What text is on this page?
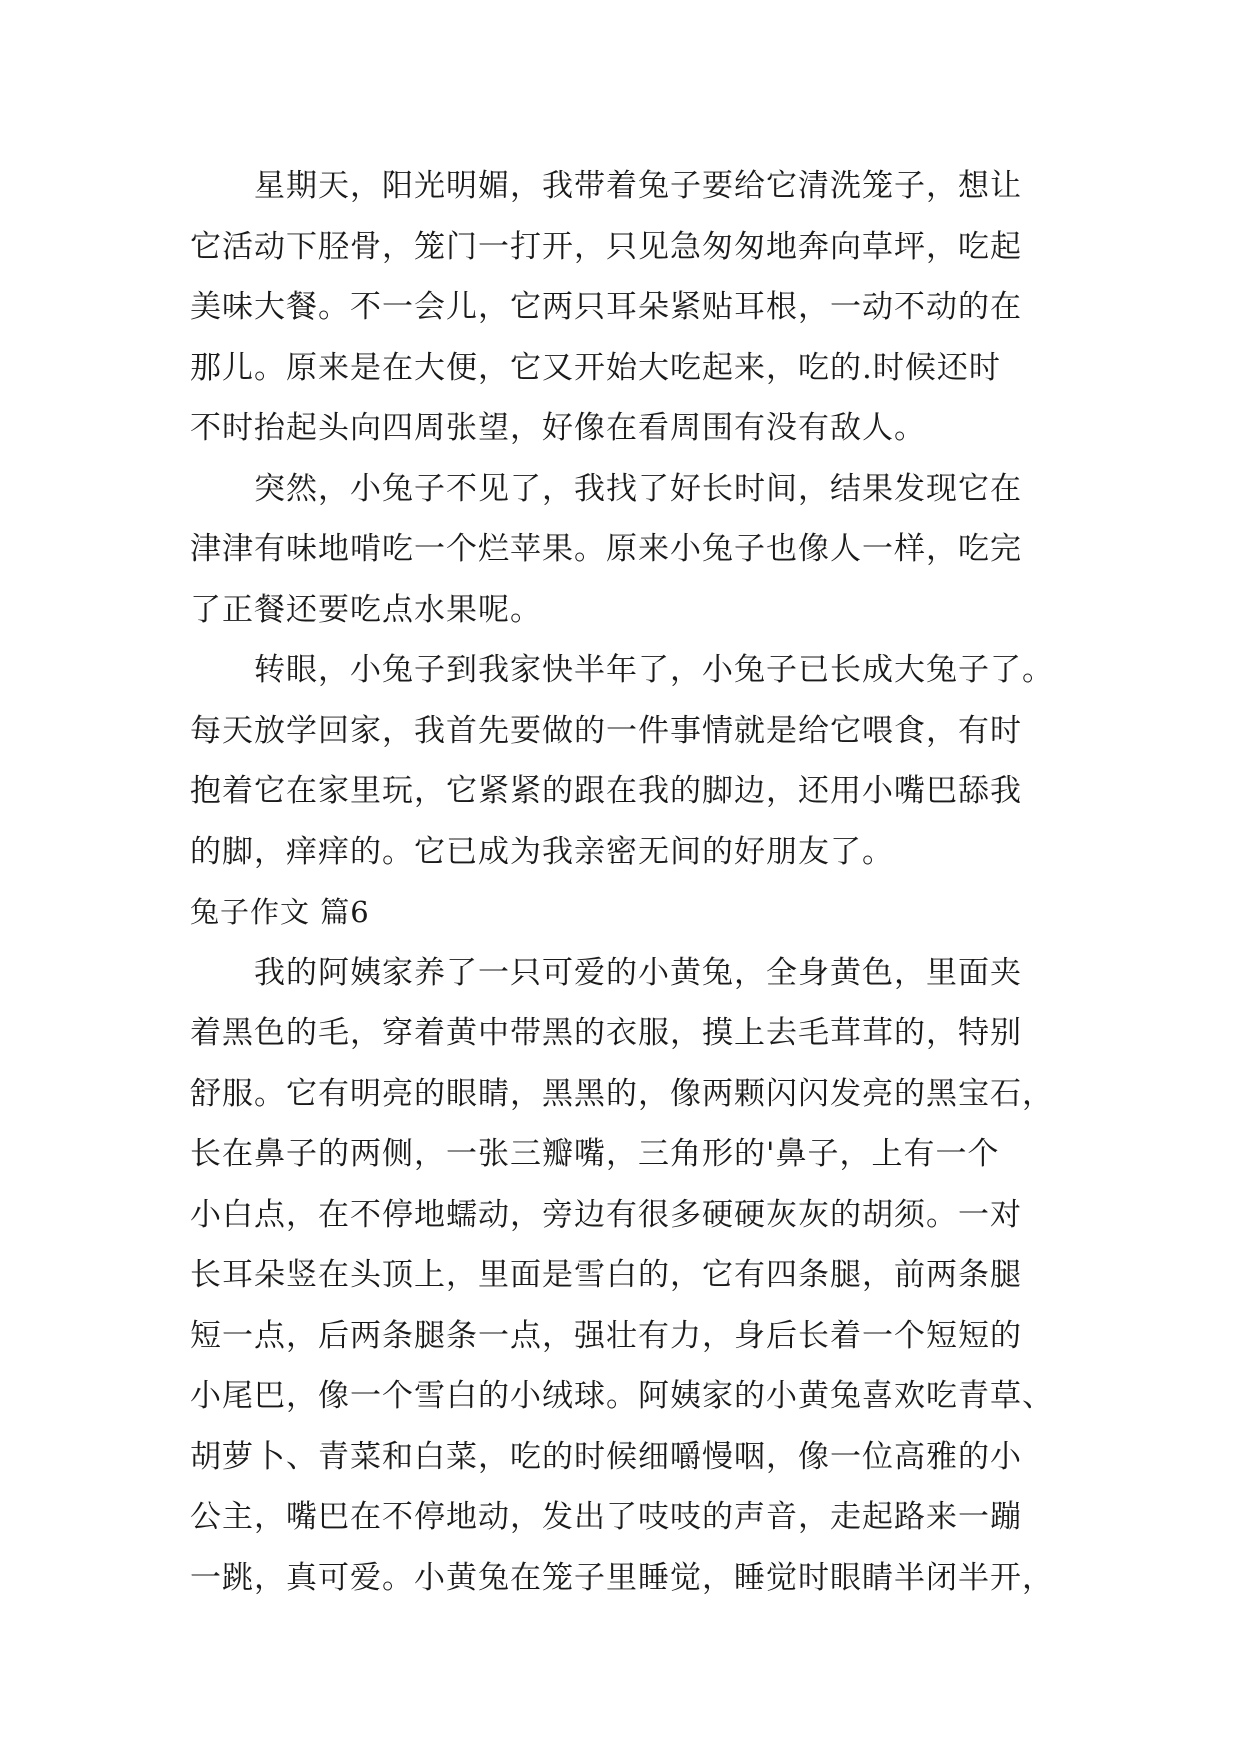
　　星期天，阳光明媚，我带着兔子要给它清洗笼子，想让
它活动下胫骨，笼门一打开，只见急匆匆地奔向草坪，吃起
美味大餐。不一会儿，它两只耳朵紧贴耳根，一动不动的在
那儿。原来是在大便，它又开始大吃起来，吃的.时候还时
不时抬起头向四周张望，好像在看周围有没有敌人。
　　突然，小兔子不见了，我找了好长时间，结果发现它在
津津有味地啃吃一个烂苹果。原来小兔子也像人一样，吃完
了正餐还要吃点水果呢。
　　转眼，小兔子到我家快半年了，小兔子已长成大兔子了。
每天放学回家，我首先要做的一件事情就是给它喂食，有时
抱着它在家里玩，它紧紧的跟在我的脚边，还用小嘴巴舔我
的脚，痒痒的。它已成为我亲密无间的好朋友了。
兔子作文 篇6
　　我的阿姨家养了一只可爱的小黄兔，全身黄色，里面夹
着黑色的毛，穿着黄中带黑的衣服，摸上去毛茸茸的，特别
舒服。它有明亮的眼睛，黑黑的，像两颗闪闪发亮的黑宝石，
长在鼻子的两侧，一张三瓣嘴，三角形的'鼻子，上有一个
小白点，在不停地蠕动，旁边有很多硬硬灰灰的胡须。一对
长耳朵竖在头顶上，里面是雪白的，它有四条腿，前两条腿
短一点，后两条腿条一点，强壮有力，身后长着一个短短的
小尾巴，像一个雪白的小绒球。阿姨家的小黄兔喜欢吃青草、
胡萝卜、青菜和白菜，吃的时候细嚼慢咽，像一位高雅的小
公主，嘴巴在不停地动，发出了吱吱的声音，走起路来一蹦
一跳，真可爱。小黄兔在笼子里睡觉，睡觉时眼睛半闭半开，
